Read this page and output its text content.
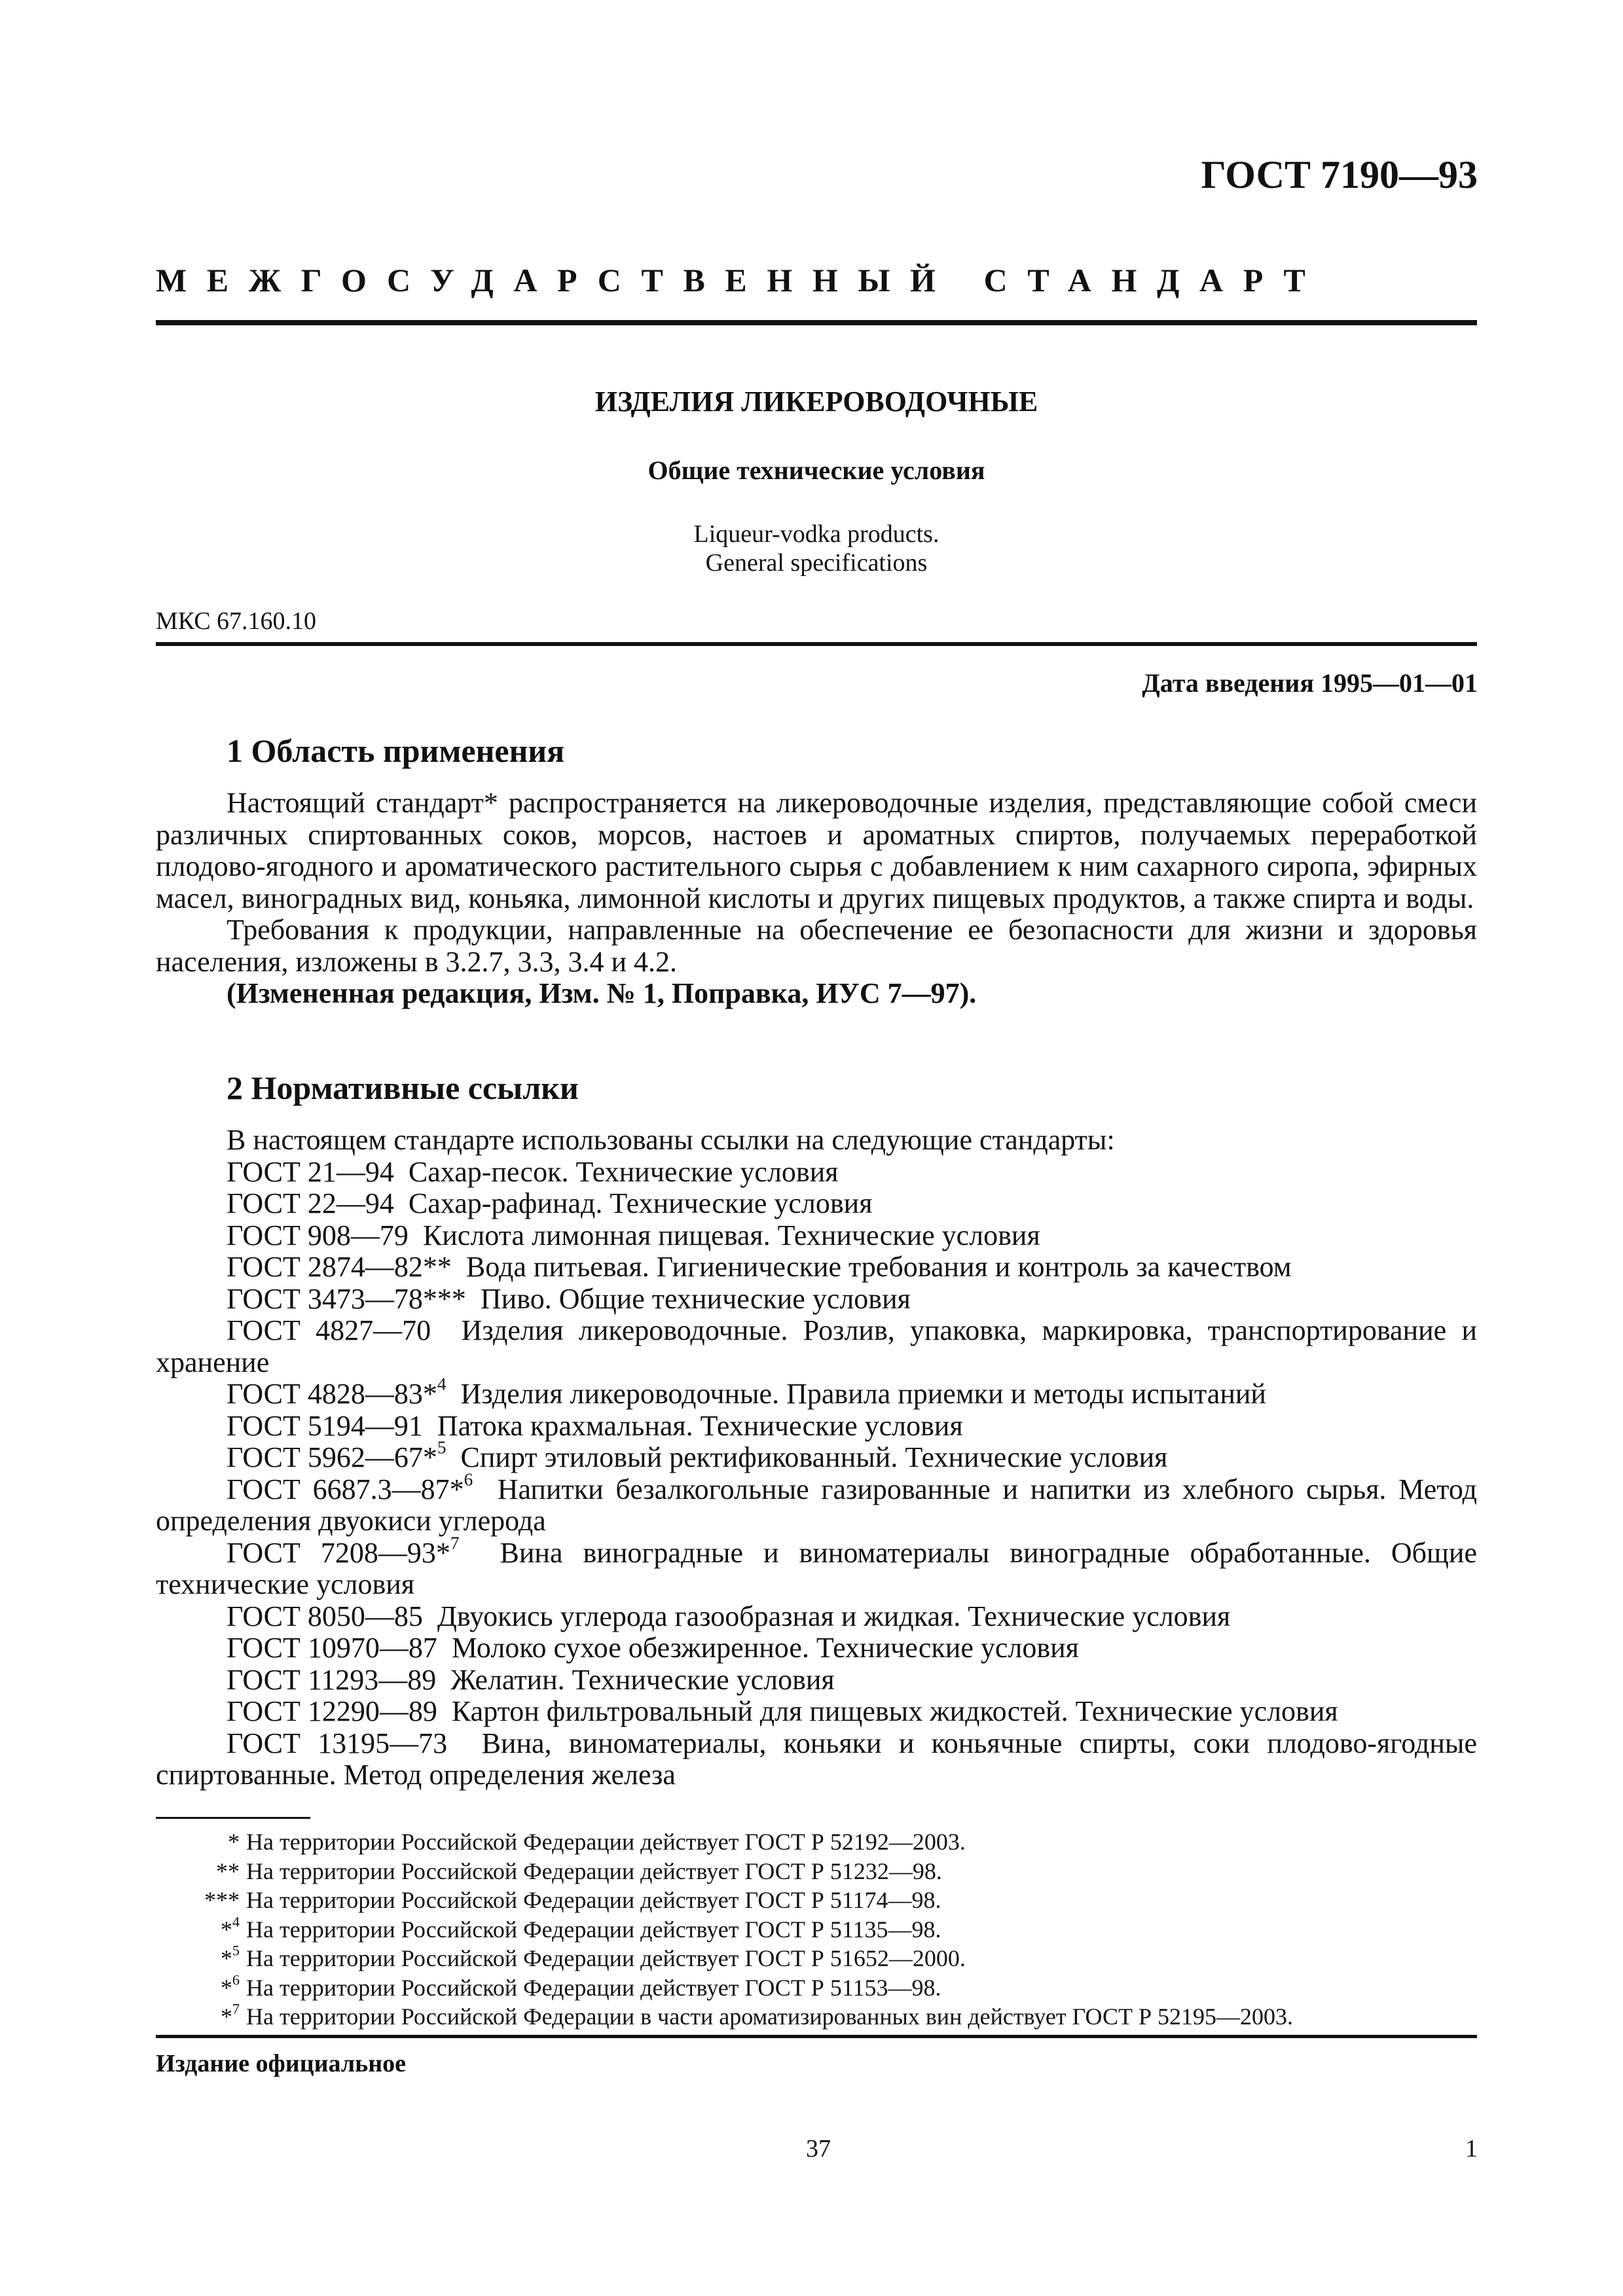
ГОСТ 7190—93
МЕЖГОСУДАРСТВЕННЫЙ СТАНДАРТ
ИЗДЕЛИЯ ЛИКЕРОВОДОЧНЫЕ
Общие технические условия
Liqueur-vodka products.
General specifications
МКС 67.160.10
Дата введения 1995—01—01
1 Область применения
Настоящий стандарт* распространяется на ликероводочные изделия, представляющие собой смеси различных спиртованных соков, морсов, настоев и ароматных спиртов, получаемых переработкой плодово-ягодного и ароматического растительного сырья с добавлением к ним сахарного сиропа, эфирных масел, виноградных вид, коньяка, лимонной кислоты и других пищевых продуктов, а также спирта и воды.
Требования к продукции, направленные на обеспечение ее безопасности для жизни и здоровья населения, изложены в 3.2.7, 3.3, 3.4 и 4.2.
(Измененная редакция, Изм. № 1, Поправка, ИУС 7—97).
2 Нормативные ссылки
В настоящем стандарте использованы ссылки на следующие стандарты:

ГОСТ 21—94 Сахар-песок. Технические условия

ГОСТ 22—94 Сахар-рафинад. Технические условия

ГОСТ 908—79 Кислота лимонная пищевая. Технические условия

ГОСТ 2874—82** Вода питьевая. Гигиенические требования и контроль за качеством

ГОСТ 3473—78*** Пиво. Общие технические условия

ГОСТ 4827—70 Изделия ликероводочные. Розлив, упаковка, маркировка, транспортирование и хранение

ГОСТ 4828—83*$^4$ Изделия ликероводочные. Правила приемки и методы испытаний

ГОСТ 5194—91 Патока крахмальная. Технические условия

ГОСТ 5962—67*$^5$ Спирт этиловый ректификованный. Технические условия

ГОСТ 6687.3—87*$^6$ Напитки безалкогольные газированные и напитки из хлебного сырья. Метод определения двуокиси углерода

ГОСТ 7208—93*$^7$ Вина виноградные и виноматериалы виноградные обработанные. Общие технические условия

ГОСТ 8050—85 Двуокись углерода газообразная и жидкая. Технические условия

ГОСТ 10970—87 Молоко сухое обезжиренное. Технические условия

ГОСТ 11293—89 Желатин. Технические условия

ГОСТ 12290—89 Картон фильтровальный для пищевых жидкостей. Технические условия

ГОСТ 13195—73 Вина, виноматериалы, коньяки и коньячные спирты, соки плодово-ягодные спиртованные. Метод определения железа

* На территории Российской Федерации действует ГОСТ Р 52192—2003.
** На территории Российской Федерации действует ГОСТ Р 51232—98.
*** На территории Российской Федерации действует ГОСТ Р 51174—98.
*$^4$ На территории Российской Федерации действует ГОСТ Р 51135—98.
*$^5$ На территории Российской Федерации действует ГОСТ Р 51652—2000.
*$^6$ На территории Российской Федерации действует ГОСТ Р 51153—98.
*$^7$ На территории Российской Федерации в части ароматизированных вин действует ГОСТ Р 52195—2003.
Издание официальное
37	1
